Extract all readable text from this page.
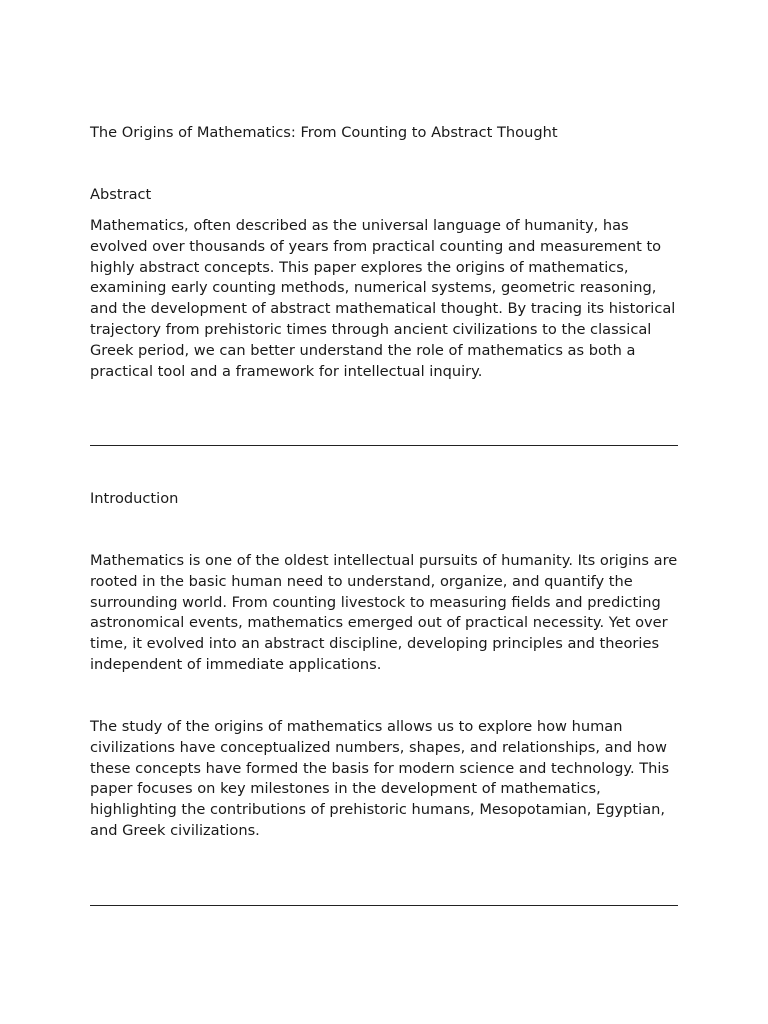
The Origins of Mathematics: From Counting to Abstract Thought
Abstract

Mathematics, often described as the universal language of humanity, has evolved over thousands of years from practical counting and measurement to highly abstract concepts. This paper explores the origins of mathematics, examining early counting methods, numerical systems, geometric reasoning, and the development of abstract mathematical thought. By tracing its historical trajectory from prehistoric times through ancient civilizations to the classical Greek period, we can better understand the role of mathematics as both a practical tool and a framework for intellectual inquiry.

Introduction

Mathematics is one of the oldest intellectual pursuits of humanity. Its origins are rooted in the basic human need to understand, organize, and quantify the surrounding world. From counting livestock to measuring fields and predicting astronomical events, mathematics emerged out of practical necessity. Yet over time, it evolved into an abstract discipline, developing principles and theories independent of immediate applications.

The study of the origins of mathematics allows us to explore how human civilizations have conceptualized numbers, shapes, and relationships, and how these concepts have formed the basis for modern science and technology. This paper focuses on key milestones in the development of mathematics, highlighting the contributions of prehistoric humans, Mesopotamian, Egyptian, and Greek civilizations.
